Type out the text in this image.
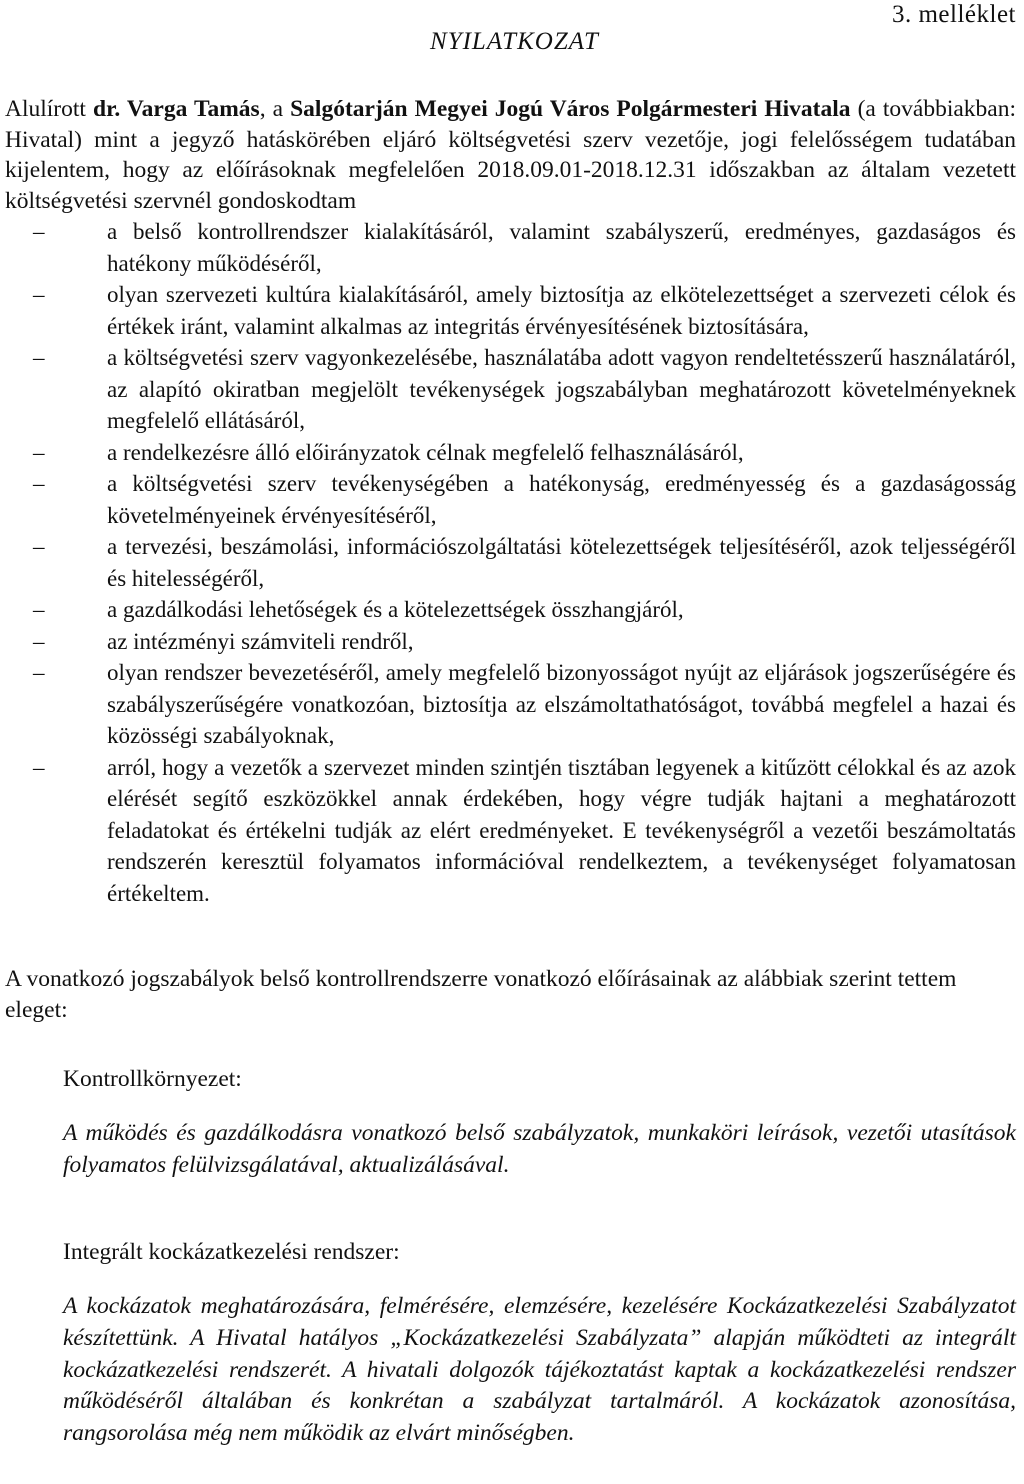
3. melléklet
NYILATKOZAT

Alulírott dr. Varga Tamás, a Salgótarján Megyei Jogú Város Polgármesteri Hivatala (a továbbiakban: Hivatal) mint a jegyző hatáskörében eljáró költségvetési szerv vezetője, jogi felelősségem tudatában kijelentem, hogy az előírásoknak megfelelően 2018.09.01-2018.12.31 időszakban az általam vezetett költségvetési szervnél gondoskodtam

–	a belső kontrollrendszer kialakításáról, valamint szabályszerű, eredményes, gazdaságos és hatékony működéséről,
–	olyan szervezeti kultúra kialakításáról, amely biztosítja az elkötelezettséget a szervezeti célok és értékek iránt, valamint alkalmas az integritás érvényesítésének biztosítására,
–	a költségvetési szerv vagyonkezelésébe, használatába adott vagyon rendeltetésszerű használatáról, az alapító okiratban megjelölt tevékenységek jogszabályban meghatározott követelményeknek megfelelő ellátásáról,
–	a rendelkezésre álló előirányzatok célnak megfelelő felhasználásáról,
–	a költségvetési szerv tevékenységében a hatékonyság, eredményesség és a gazdaságosság követelményeinek érvényesítéséről,
–	a tervezési, beszámolási, információszolgáltatási kötelezettségek teljesítéséről, azok teljességéről és hitelességéről,
–	a gazdálkodási lehetőségek és a kötelezettségek összhangjáról,
–	az intézményi számviteli rendről,
–	olyan rendszer bevezetéséről, amely megfelelő bizonyosságot nyújt az eljárások jogszerűségére és szabályszerűségére vonatkozóan, biztosítja az elszámoltathatóságot, továbbá megfelel a hazai és közösségi szabályoknak,
–	arról, hogy a vezetők a szervezet minden szintjén tisztában legyenek a kitűzött célokkal és az azok elérését segítő eszközökkel annak érdekében, hogy végre tudják hajtani a meghatározott feladatokat és értékelni tudják az elért eredményeket. E tevékenységről a vezetői beszámoltatás rendszerén keresztül folyamatos információval rendelkeztem, a tevékenységet folyamatosan értékeltem.

A vonatkozó jogszabályok belső kontrollrendszerre vonatkozó előírásainak az alábbiak szerint tettem eleget:

Kontrollkörnyezet:

A működés és gazdálkodásra vonatkozó belső szabályzatok, munkaköri leírások, vezetői utasítások folyamatos felülvizsgálatával, aktualizálásával.

Integrált kockázatkezelési rendszer:

A kockázatok meghatározására, felmérésére, elemzésére, kezelésére Kockázatkezelési Szabályzatot készítettünk. A Hivatal hatályos „Kockázatkezelési Szabályzata” alapján működteti az integrált kockázatkezelési rendszerét. A hivatali dolgozók tájékoztatást kaptak a kockázatkezelési rendszer működéséről általában és konkrétan a szabályzat tartalmáról. A kockázatok azonosítása, rangsorolása még nem működik az elvárt minőségben.
